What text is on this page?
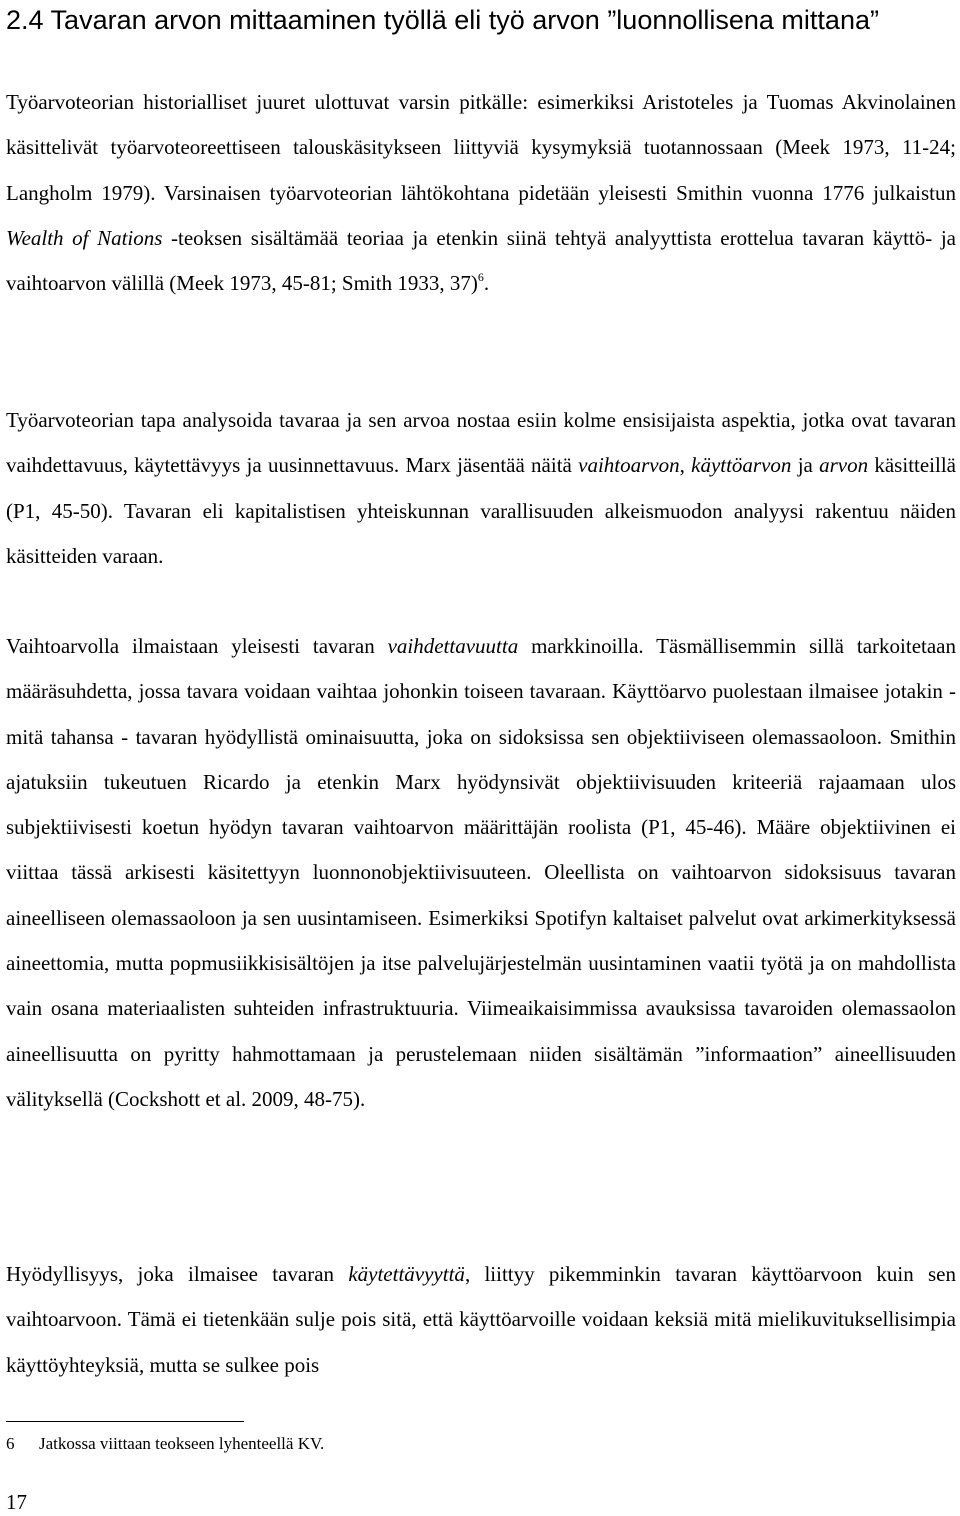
2.4 Tavaran arvon mittaaminen työllä eli työ arvon ”luonnollisena mittana”

Työarvoteorian historialliset juuret ulottuvat varsin pitkälle: esimerkiksi Aristoteles ja Tuomas Akvinolainen käsittelivät työarvoteoreettiseen talouskäsitykseen liittyviä kysymyksiä tuotannossaan (Meek 1973, 11-24; Langholm 1979). Varsinaisen työarvoteorian lähtökohtana pidetään yleisesti Smithin vuonna 1776 julkaistun Wealth of Nations -teoksen sisältämää teoriaa ja etenkin siinä tehtyä analyyttista erottelua tavaran käyttö- ja vaihtoarvon välillä (Meek 1973, 45-81; Smith 1933, 37)$^6$.

Työarvoteorian tapa analysoida tavaraa ja sen arvoa nostaa esiin kolme ensisijaista aspektia, jotka ovat tavaran vaihdettavuus, käytettävyys ja uusinnettavuus. Marx jäsentää näitä vaihtoarvon, käyttöarvon ja arvon käsitteillä (P1, 45-50). Tavaran eli kapitalistisen yhteiskunnan varallisuuden alkeismuodon analyysi rakentuu näiden käsitteiden varaan.

Vaihtoarvolla ilmaistaan yleisesti tavaran vaihdettavuutta markkinoilla. Täsmällisemmin sillä tarkoitetaan määräsuhdetta, jossa tavara voidaan vaihtaa johonkin toiseen tavaraan. Käyttöarvo puolestaan ilmaisee jotakin - mitä tahansa - tavaran hyödyllistä ominaisuutta, joka on sidoksissa sen objektiiviseen olemassaoloon. Smithin ajatuksiin tukeutuen Ricardo ja etenkin Marx hyödynsivät objektiivisuuden kriteeriä rajaamaan ulos subjektiivisesti koetun hyödyn tavaran vaihtoarvon määrittäjän roolista (P1, 45-46). Määre objektiivinen ei viittaa tässä arkisesti käsitettyyn luonnonobjektiivisuuteen. Oleellista on vaihtoarvon sidoksisuus tavaran aineelliseen olemassaoloon ja sen uusintamiseen. Esimerkiksi Spotifyn kaltaiset palvelut ovat arkimerkityksessä aineettomia, mutta popmusiikkisisältöjen ja itse palvelujärjestelmän uusintaminen vaatii työtä ja on mahdollista vain osana materiaalisten suhteiden infrastruktuuria. Viimeaikaisimmissa avauksissa tavaroiden olemassaolon aineellisuutta on pyritty hahmottamaan ja perustelemaan niiden sisältämän ”informaation” aineellisuuden välityksellä (Cockshott et al. 2009, 48-75).

Hyödyllisyys, joka ilmaisee tavaran käytettävyyttä, liittyy pikemminkin tavaran käyttöarvoon kuin sen vaihtoarvoon. Tämä ei tietenkään sulje pois sitä, että käyttöarvoille voidaan keksiä mitä mielikuvituksellisimpia käyttöyhteyksiä, mutta se sulkee pois

6 Jatkossa viittaan teokseen lyhenteellä KV.
17
